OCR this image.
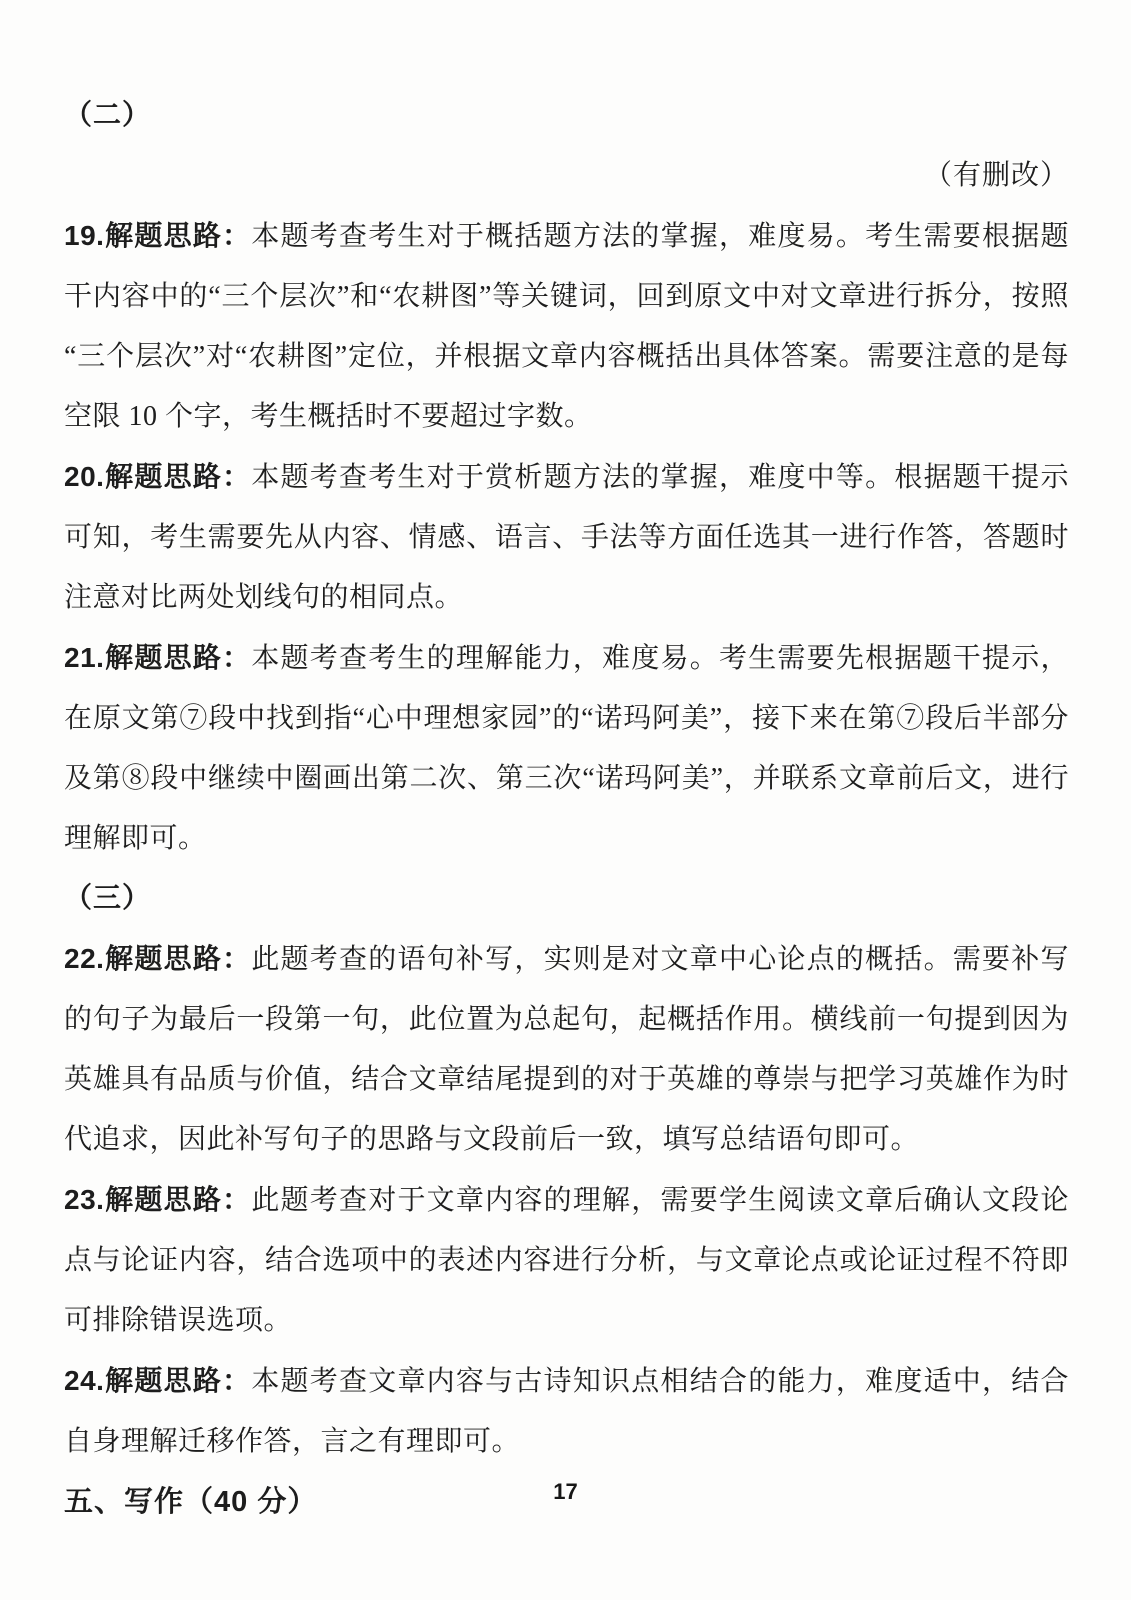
（二）
（有删改）

19.解题思路：本题考查考生对于概括题方法的掌握，难度易。考生需要根据题干内容中的“三个层次”和“农耕图”等关键词，回到原文中对文章进行拆分，按照“三个层次”对“农耕图”定位，并根据文章内容概括出具体答案。需要注意的是每空限 10 个字，考生概括时不要超过字数。

20.解题思路：本题考查考生对于赏析题方法的掌握，难度中等。根据题干提示可知，考生需要先从内容、情感、语言、手法等方面任选其一进行作答，答题时注意对比两处划线句的相同点。

21.解题思路：本题考查考生的理解能力，难度易。考生需要先根据题干提示，在原文第⑦段中找到指“心中理想家园”的“诺玛阿美”，接下来在第⑦段后半部分及第⑧段中继续中圈画出第二次、第三次“诺玛阿美”，并联系文章前后文，进行理解即可。

（三）

22.解题思路：此题考查的语句补写，实则是对文章中心论点的概括。需要补写的句子为最后一段第一句，此位置为总起句，起概括作用。横线前一句提到因为英雄具有品质与价值，结合文章结尾提到的对于英雄的尊崇与把学习英雄作为时代追求，因此补写句子的思路与文段前后一致，填写总结语句即可。

23.解题思路：此题考查对于文章内容的理解，需要学生阅读文章后确认文段论点与论证内容，结合选项中的表述内容进行分析，与文章论点或论证过程不符即可排除错误选项。

24.解题思路：本题考查文章内容与古诗知识点相结合的能力，难度适中，结合自身理解迁移作答，言之有理即可。

五、写作（40 分）	17
